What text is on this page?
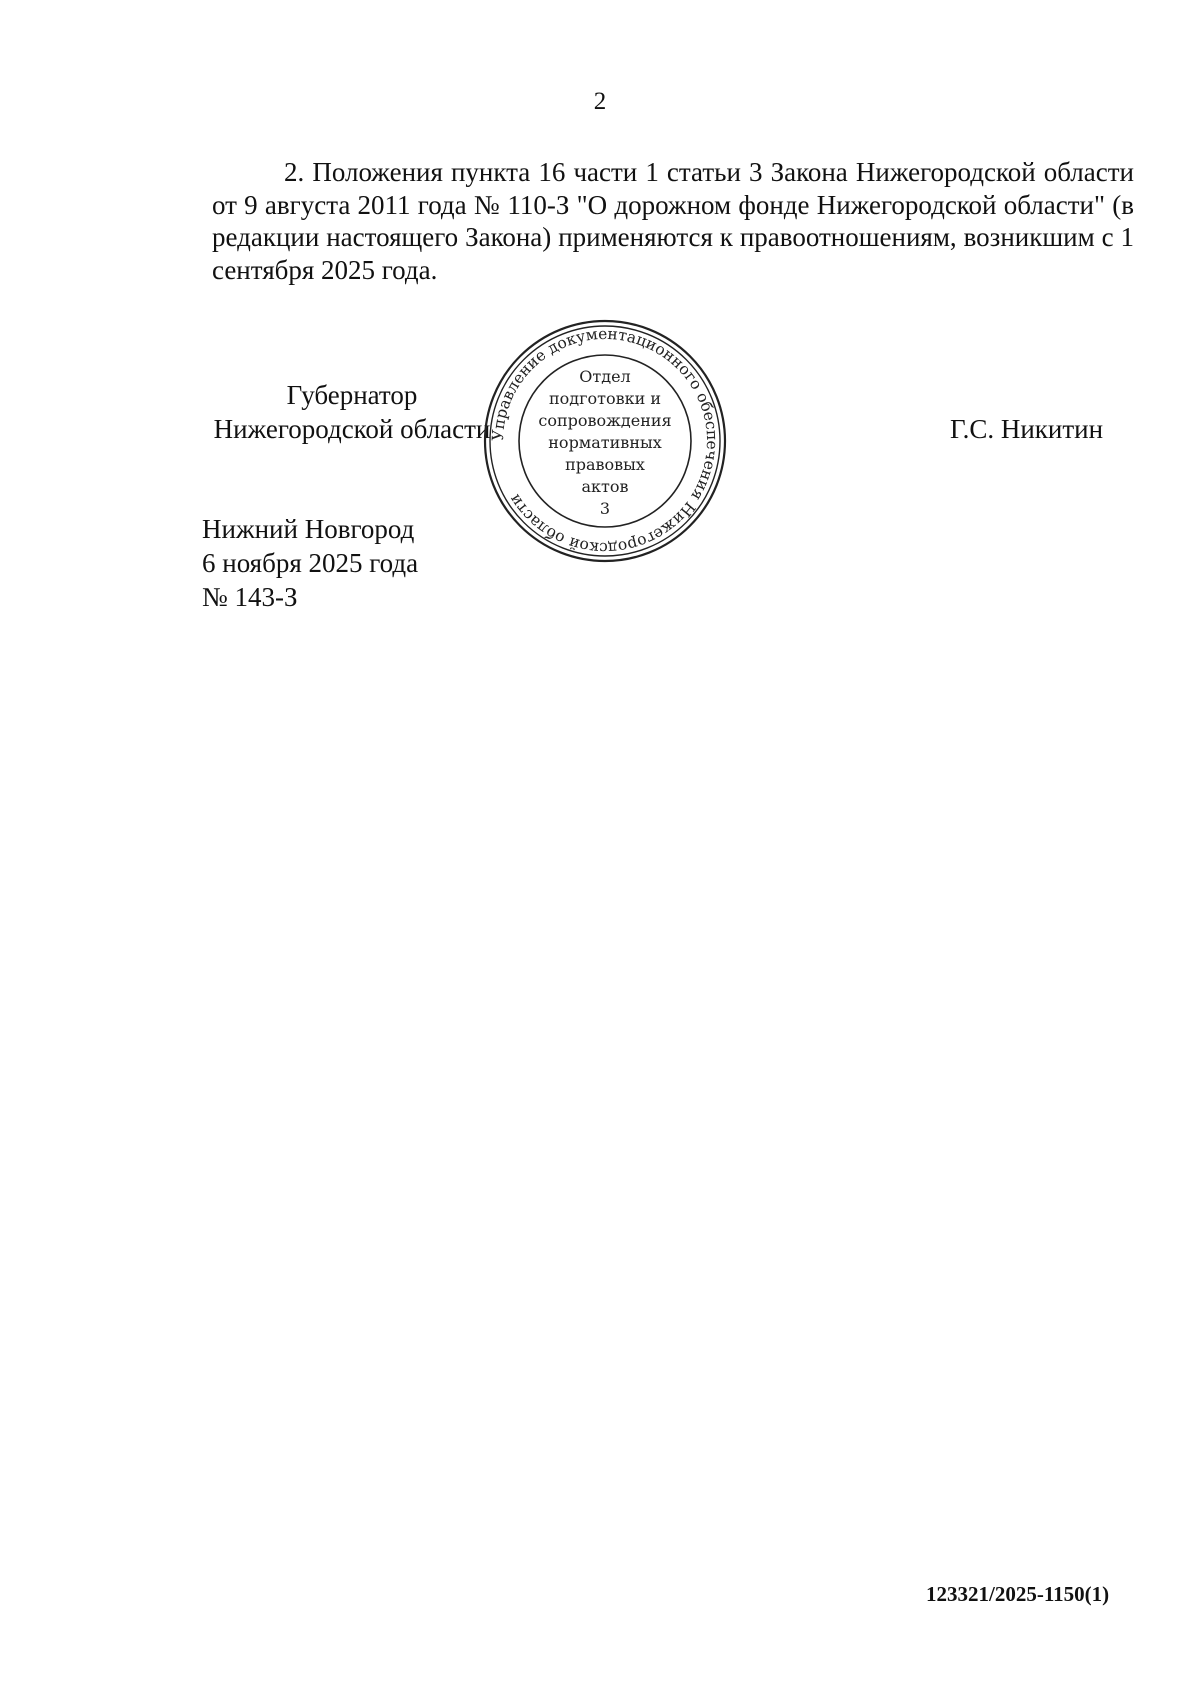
2

2. Положения пункта 16 части 1 статьи 3 Закона Нижегородской области от 9 августа 2011 года № 110-З "О дорожном фонде Нижегородской области" (в редакции настоящего Закона) применяются к правоотношениям, возникшим с 1 сентября 2025 года.

Губернатор
Нижегородской области
Управление документационного обеспечения Нижегородской области
Отдел
подготовки и
сопровождения
нормативных
правовых
актов
3
Г.С. Никитин
Нижний Новгород
6 ноября 2025 года
№ 143-З
123321/2025-1150(1)
